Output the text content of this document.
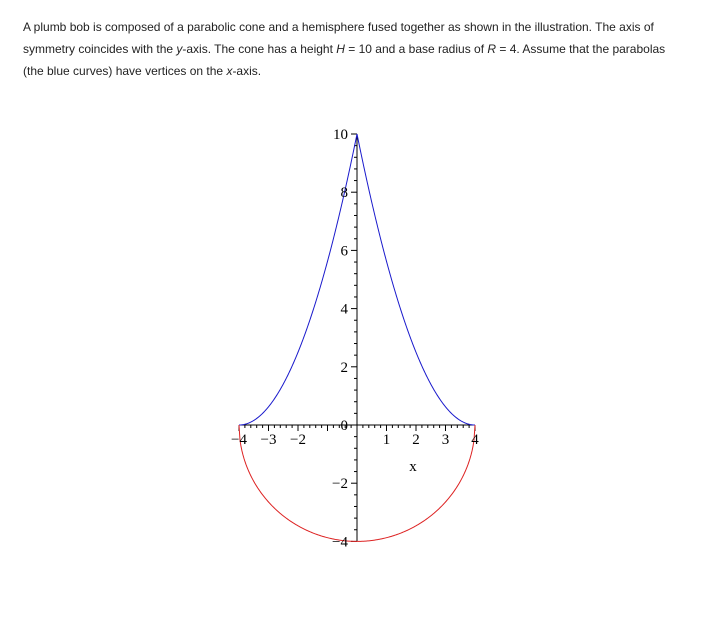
A plumb bob is composed of a parabolic cone and a hemisphere fused together as shown in the illustration. The axis of symmetry coincides with the y-axis. The cone has a height H = 10 and a base radius of R = 4. Assume that the parabolas (the blue curves) have vertices on the x-axis.

−4 −3 −2	1 2 3 4
10
8
6
4
2
0
−2
−4
x
